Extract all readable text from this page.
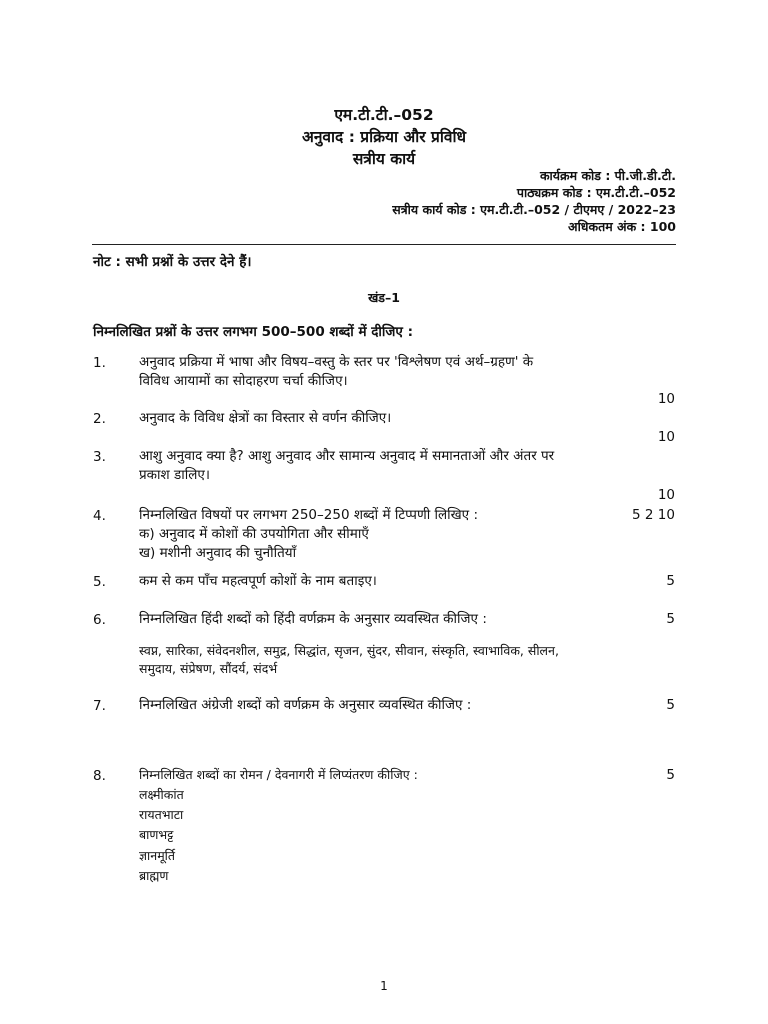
एम.टी.टी.–052
अनुवाद : प्रक्रिया और प्रविधि
सत्रीय कार्य
कार्यक्रम कोड : पी.जी.डी.टी.
पाठ्यक्रम कोड : एम.टी.टी.–052
सत्रीय कार्य कोड : एम.टी.टी.–052 / टीएमए / 2022–23
अधिकतम अंक : 100
नोट : सभी प्रश्नों के उत्तर देने हैं।
खंड–1
निम्नलिखित प्रश्नों के उत्तर लगभग 500–500 शब्दों में दीजिए :
1. अनुवाद प्रक्रिया में भाषा और विषय–वस्तु के स्तर पर 'विश्लेषण एवं अर्थ–ग्रहण' के
विविध आयामों का सोदाहरण चर्चा कीजिए।
10
2. अनुवाद के विविध क्षेत्रों का विस्तार से वर्णन कीजिए।
10
3. आशु अनुवाद क्या है? आशु अनुवाद और सामान्य अनुवाद में समानताओं और अंतर पर
प्रकाश डालिए।
10
4. निम्नलिखित विषयों पर लगभग 250–250 शब्दों में टिप्पणी लिखिए :	5 2 10
क) अनुवाद में कोशों की उपयोगिता और सीमाएँ
ख) मशीनी अनुवाद की चुनौतियाँ
5. कम से कम पाँच महत्वपूर्ण कोशों के नाम बताइए।	5
6. निम्नलिखित हिंदी शब्दों को हिंदी वर्णक्रम के अनुसार व्यवस्थित कीजिए :	5
स्वप्न, सारिका, संवेदनशील, समुद्र, सिद्धांत, सृजन, सुंदर, सीवान, संस्कृति, स्वाभाविक, सीलन,
समुदाय, संप्रेषण, सौंदर्य, संदर्भ
7. निम्नलिखित अंग्रेजी शब्दों को वर्णक्रम के अनुसार व्यवस्थित कीजिए :	5
8.	निम्नलिखित शब्दों का रोमन / देवनागरी में लिप्यंतरण कीजिए :	5
लक्ष्मीकांत
रायतभाटा
बाणभट्ट
ज्ञानमूर्ति
ब्राह्मण
1
